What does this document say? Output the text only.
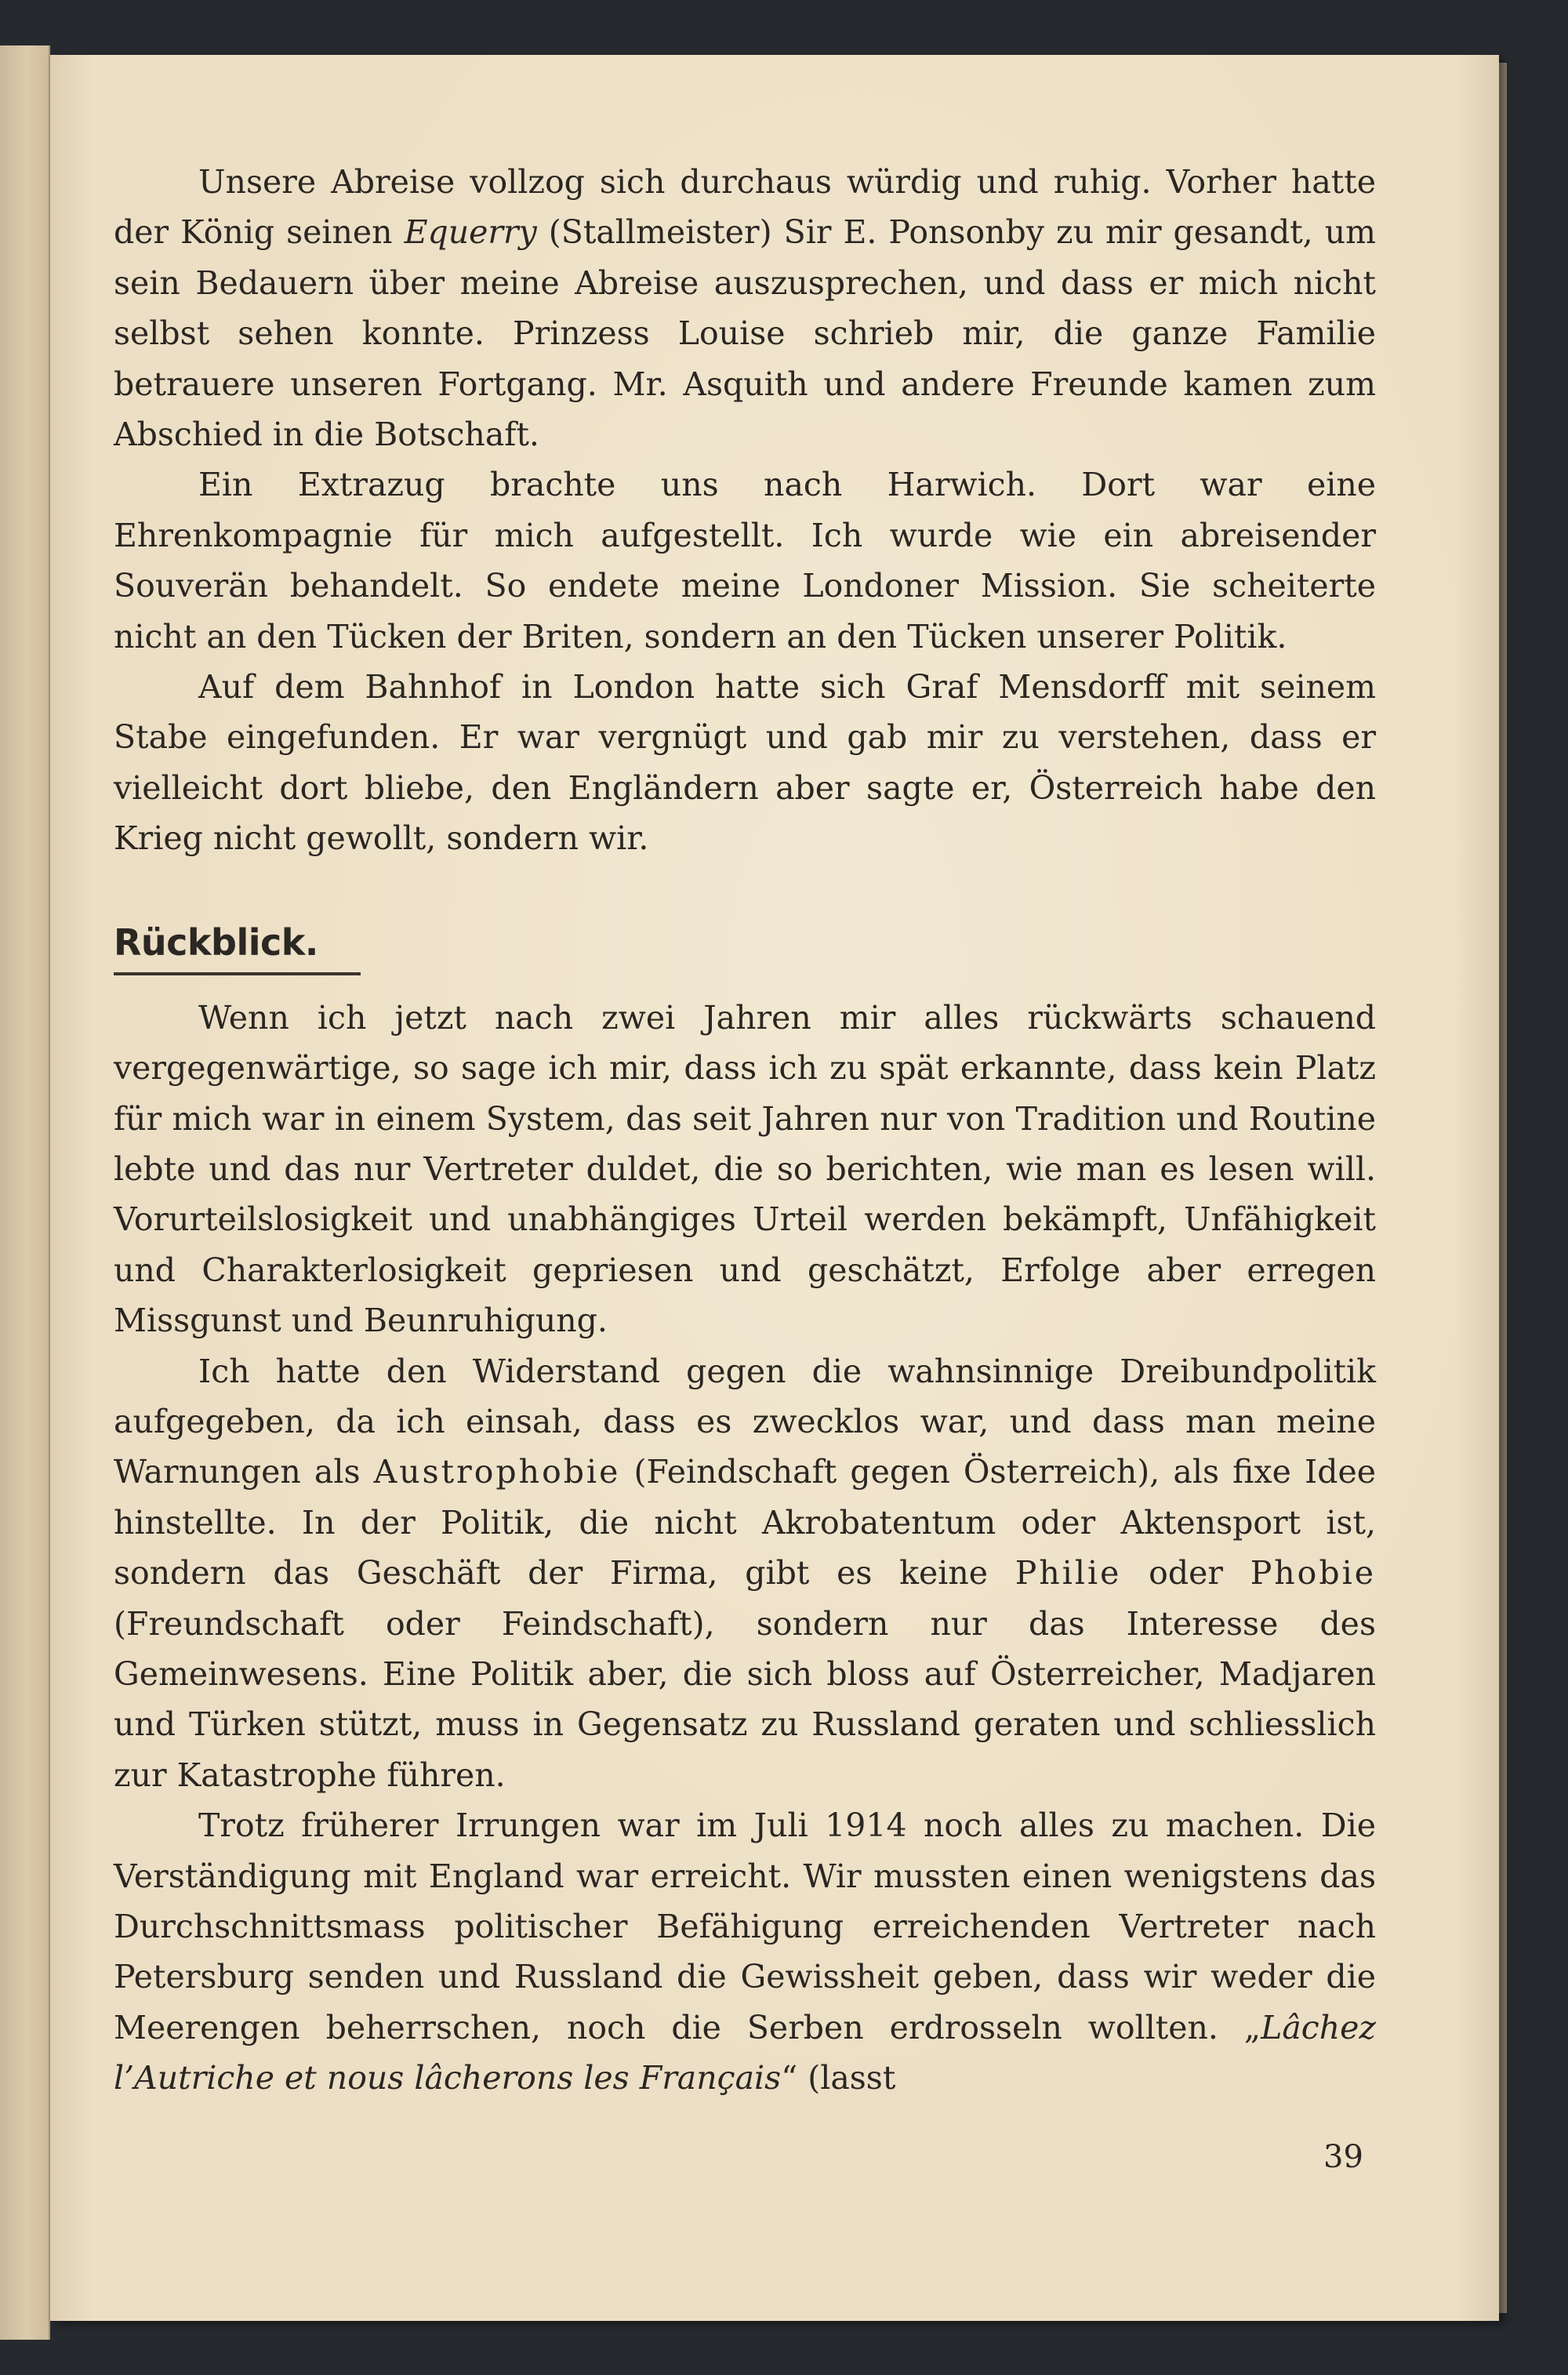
Unsere Abreise vollzog sich durchaus würdig und ruhig. Vorher hatte der König seinen Equerry (Stallmeister) Sir E. Ponsonby zu mir gesandt, um sein Bedauern über meine Abreise auszusprechen, und dass er mich nicht selbst sehen konnte. Prinzess Louise schrieb mir, die ganze Familie betrauere unseren Fortgang. Mr. Asquith und andere Freunde kamen zum Abschied in die Botschaft.

Ein Extrazug brachte uns nach Harwich. Dort war eine Ehrenkompagnie für mich aufgestellt. Ich wurde wie ein abreisender Souverän behandelt. So endete meine Londoner Mission. Sie scheiterte nicht an den Tücken der Briten, sondern an den Tücken unserer Politik.

Auf dem Bahnhof in London hatte sich Graf Mensdorff mit seinem Stabe eingefunden. Er war vergnügt und gab mir zu verstehen, dass er vielleicht dort bliebe, den Engländern aber sagte er, Österreich habe den Krieg nicht gewollt, sondern wir.

Rückblick.

Wenn ich jetzt nach zwei Jahren mir alles rückwärts schauend vergegenwärtige, so sage ich mir, dass ich zu spät erkannte, dass kein Platz für mich war in einem System, das seit Jahren nur von Tradition und Routine lebte und das nur Vertreter duldet, die so berichten, wie man es lesen will. Vorurteilslosigkeit und unabhängiges Urteil werden bekämpft, Unfähigkeit und Charakterlosigkeit gepriesen und geschätzt, Erfolge aber erregen Missgunst und Beunruhigung.

Ich hatte den Widerstand gegen die wahnsinnige Dreibundpolitik aufgegeben, da ich einsah, dass es zwecklos war, und dass man meine Warnungen als Austrophobie (Feindschaft gegen Österreich), als fixe Idee hinstellte. In der Politik, die nicht Akrobatentum oder Aktensport ist, sondern das Geschäft der Firma, gibt es keine Philie oder Phobie (Freundschaft oder Feindschaft), sondern nur das Interesse des Gemeinwesens. Eine Politik aber, die sich bloss auf Österreicher, Madjaren und Türken stützt, muss in Gegensatz zu Russland geraten und schliesslich zur Katastrophe führen.

Trotz früherer Irrungen war im Juli 1914 noch alles zu machen. Die Verständigung mit England war erreicht. Wir mussten einen wenigstens das Durchschnittsmass politischer Befähigung erreichenden Vertreter nach Petersburg senden und Russland die Gewissheit geben, dass wir weder die Meerengen beherrschen, noch die Serben erdrosseln wollten. „Lâchez l’Autriche et nous lâcherons les Français“ (lasst

39
